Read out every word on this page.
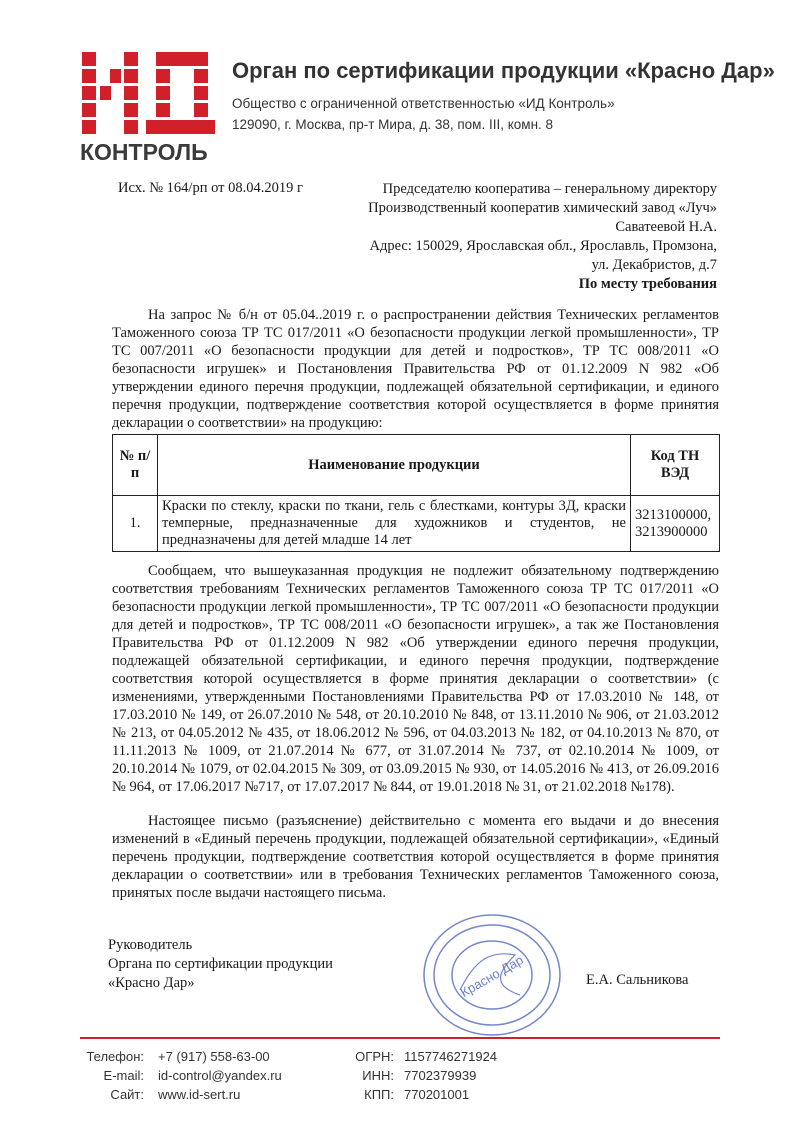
КОНТРОЛЬ
Орган по сертификации продукции «Красно Дар»
Общество с ограниченной ответственностью «ИД Контроль»
129090, г. Москва, пр-т Мира, д. 38, пом. III, комн. 8
Исх. № 164/рп от 08.04.2019 г	Председателю кооператива – генеральному директору
Производственный кооператив химический завод «Луч»
Саватеевой Н.А.
Адрес: 150029, Ярославская обл., Ярославль, Промзона,
ул. Декабристов, д.7
По месту требования

На запрос № б/н от 05.04..2019 г. о распространении действия Технических регламентов Таможенного союза ТР ТС 017/2011 «О безопасности продукции легкой промышленности», ТР ТС 007/2011 «О безопасности продукции для детей и подростков», ТР ТС 008/2011 «О безопасности игрушек» и Постановления Правительства РФ от 01.12.2009 N 982 «Об утверждении единого перечня продукции, подлежащей обязательной сертификации, и единого перечня продукции, подтверждение соответствия которой осуществляется в форме принятия декларации о соответствии» на продукцию:

№ п/п	Наименование продукции	Код ТН ВЭД
1.	Краски по стеклу, краски по ткани, гель с блестками, контуры 3Д, краски темперные, предназначенные для художников и студентов, не предназначены для детей младше 14 лет	3213100000, 3213900000

Сообщаем, что вышеуказанная продукция не подлежит обязательному подтверждению соответствия требованиям Технических регламентов Таможенного союза ТР ТС 017/2011 «О безопасности продукции легкой промышленности», ТР ТС 007/2011 «О безопасности продукции для детей и подростков», ТР ТС 008/2011 «О безопасности игрушек», а так же Постановления Правительства РФ от 01.12.2009 N 982 «Об утверждении единого перечня продукции, подлежащей обязательной сертификации, и единого перечня продукции, подтверждение соответствия которой осуществляется в форме принятия декларации о соответствии» (с изменениями, утвержденными Постановлениями Правительства РФ от 17.03.2010 № 148, от 17.03.2010 № 149, от 26.07.2010 № 548, от 20.10.2010 № 848, от 13.11.2010 № 906, от 21.03.2012 № 213, от 04.05.2012 № 435, от 18.06.2012 № 596, от 04.03.2013 № 182, от 04.10.2013 № 870, от 11.11.2013 № 1009, от 21.07.2014 № 677, от 31.07.2014 № 737, от 02.10.2014 № 1009, от 20.10.2014 № 1079, от 02.04.2015 № 309, от 03.09.2015 № 930, от 14.05.2016 № 413, от 26.09.2016 № 964, от 17.06.2017 №717, от 17.07.2017 № 844, от 19.01.2018 № 31, от 21.02.2018 №178).

Настоящее письмо (разъяснение) действительно с момента его выдачи и до внесения изменений в «Единый перечень продукции, подлежащей обязательной сертификации», «Единый перечень продукции, подтверждение соответствия которой осуществляется в форме принятия декларации о соответствии» или в требования Технических регламентов Таможенного союза, принятых после выдачи настоящего письма.

Руководитель
Органа по сертификации продукции
«Красно Дар»	Красно Дар	Е.А. Сальникова
Телефон: +7 (917) 558-63-00
E-mail: id-control@yandex.ru
Сайт: www.id-sert.ru
ОГРН: 1157746271924
ИНН: 7702379939
КПП: 770201001
